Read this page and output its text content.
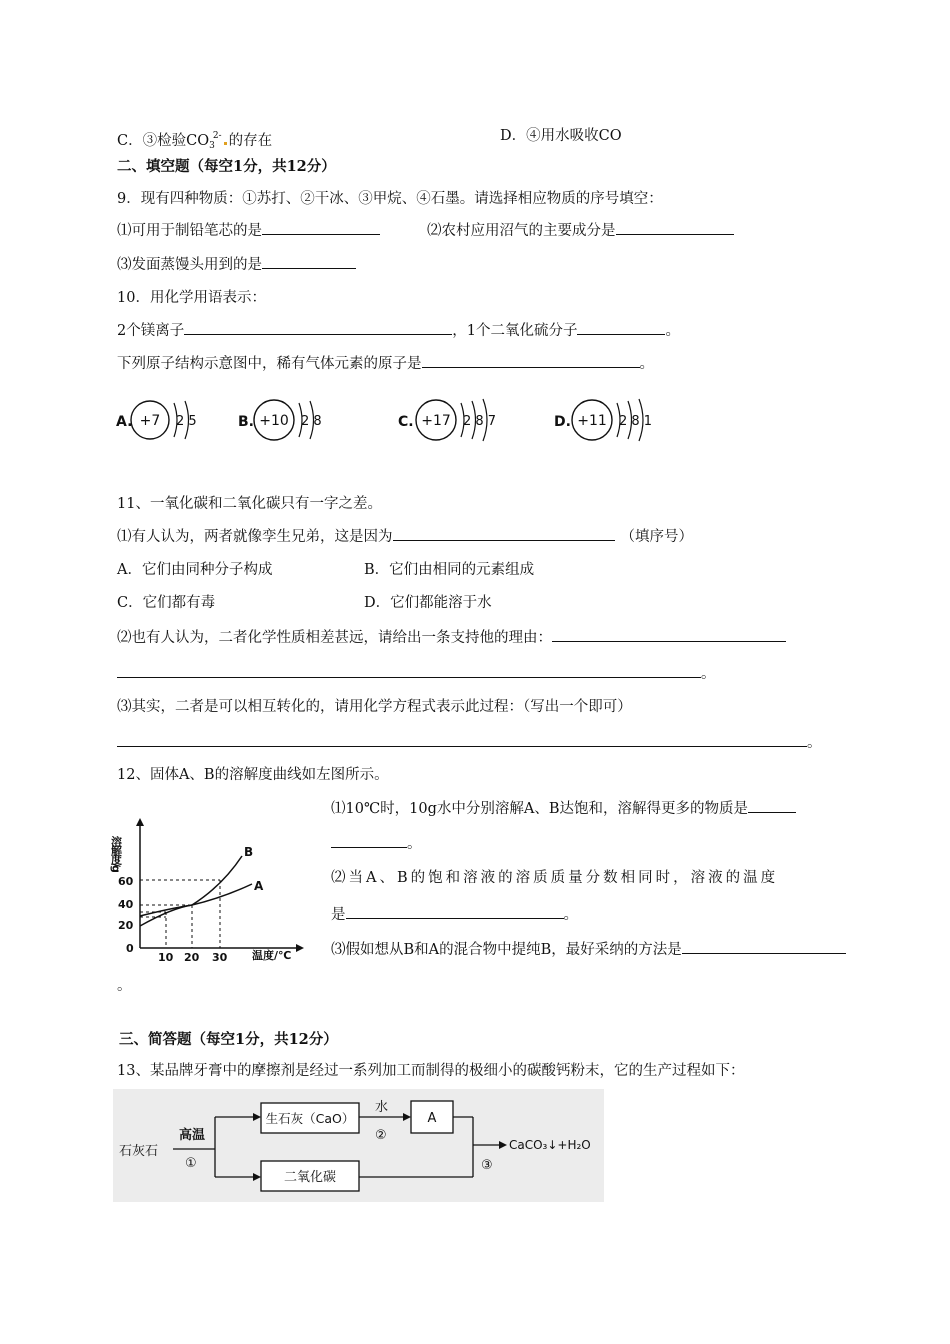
C．③检验$CO_3^{2-}$ 的存在	D．④用水吸收CO
二、填空题（每空1分，共12分）
9．现有四种物质：①苏打、②干冰、③甲烷、④石墨。请选择相应物质的序号填空：
⑴可用于制铅笔芯的是	⑵农村应用沼气的主要成分是
⑶发面蒸馒头用到的是
10．用化学用语表示：
2个镁离子	，1个二氧化硫分子	。
下列原子结构示意图中，稀有气体元素的原子是	。
A. +7 2 5	B. +10 2 8	C. +17 2 8 7	D. +11 2 8 1
11、一氧化碳和二氧化碳只有一字之差。
⑴有人认为，两者就像孪生兄弟，这是因为	（填序号）
A．它们由同种分子构成	B．它们由相同的元素组成
C．它们都有毒	D．它们都能溶于水
⑵也有人认为，二者化学性质相差甚远，请给出一条支持他的理由：
。
⑶其实，二者是可以相互转化的，请用化学方程式表示此过程：（写出一个即可）
。
12、固体A、B的溶解度曲线如左图所示。
溶解度/g
60
40
20
0
10 20 30 温度/℃
B
A
⑴10℃时，10g水中分别溶解A、B达饱和，溶解得更多的物质是
。
⑵当A、B的饱和溶液的溶质质量分数相同时，溶液的温度
是	。
⑶假如想从B和A的混合物中提纯B，最好采纳的方法是
。
三、简答题（每空1分，共12分）
13、某品牌牙膏中的摩擦剂是经过一系列加工而制得的极细小的碳酸钙粉末，它的生产过程如下：
石灰石
高温
①
生石灰（CaO）
水
②
A
二氧化碳
③
CaCO₃↓+H₂O
